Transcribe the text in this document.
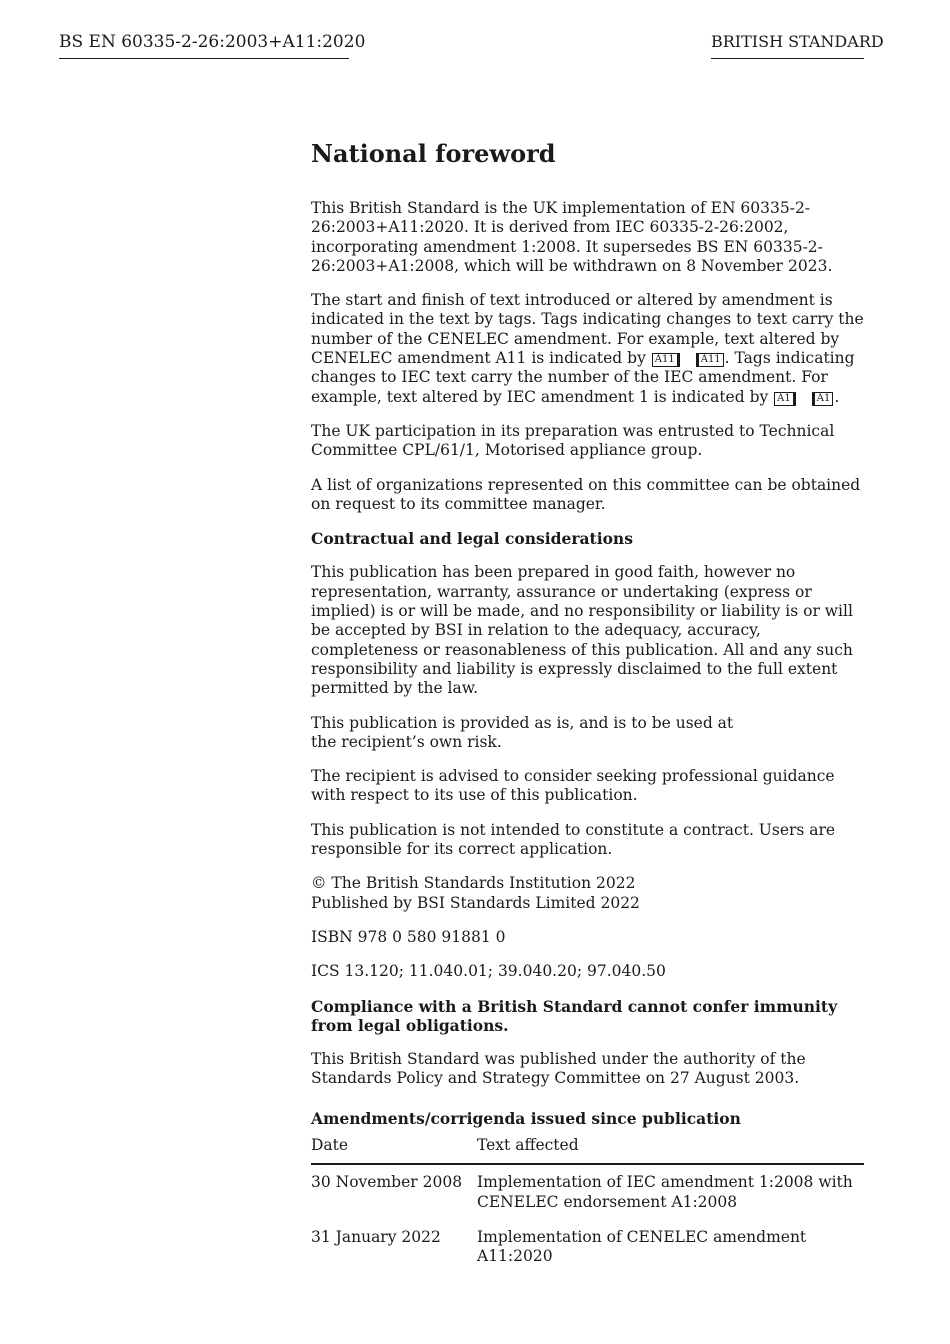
BS EN 60335-2-26:2003+A11:2020	BRITISH STANDARD
National foreword

This British Standard is the UK implementation of EN 60335-2-26:2003+A11:2020. It is derived from IEC 60335-2-26:2002, incorporating amendment 1:2008. It supersedes BS EN 60335-2-26:2003+A1:2008, which will be withdrawn on 8 November 2023.

The start and finish of text introduced or altered by amendment is indicated in the text by tags. Tags indicating changes to text carry the number of the CENELEC amendment. For example, text altered by CENELEC amendment A11 is indicated by A11	A11 . Tags indicating changes to IEC text carry the number of the IEC amendment. For example, text altered by IEC amendment 1 is indicated by A1	A1 .

The UK participation in its preparation was entrusted to Technical Committee CPL/61/1, Motorised appliance group.

A list of organizations represented on this committee can be obtained on request to its committee manager.

Contractual and legal considerations

This publication has been prepared in good faith, however no representation, warranty, assurance or undertaking (express or implied) is or will be made, and no responsibility or liability is or will be accepted by BSI in relation to the adequacy, accuracy, completeness or reasonableness of this publication. All and any such responsibility and liability is expressly disclaimed to the full extent permitted by the law.

This publication is provided as is, and is to be used at the recipient’s own risk.

The recipient is advised to consider seeking professional guidance with respect to its use of this publication.

This publication is not intended to constitute a contract. Users are responsible for its correct application.

© The British Standards Institution 2022
Published by BSI Standards Limited 2022

ISBN 978 0 580 91881 0

ICS 13.120; 11.040.01; 39.040.20; 97.040.50

Compliance with a British Standard cannot confer immunity from legal obligations.

This British Standard was published under the authority of the Standards Policy and Strategy Committee on 27 August 2003.

Amendments/corrigenda issued since publication
Date	Text affected
30 November 2008	Implementation of IEC amendment 1:2008 with
CENELEC endorsement A1:2008
31 January 2022	Implementation of CENELEC amendment A11:2020
